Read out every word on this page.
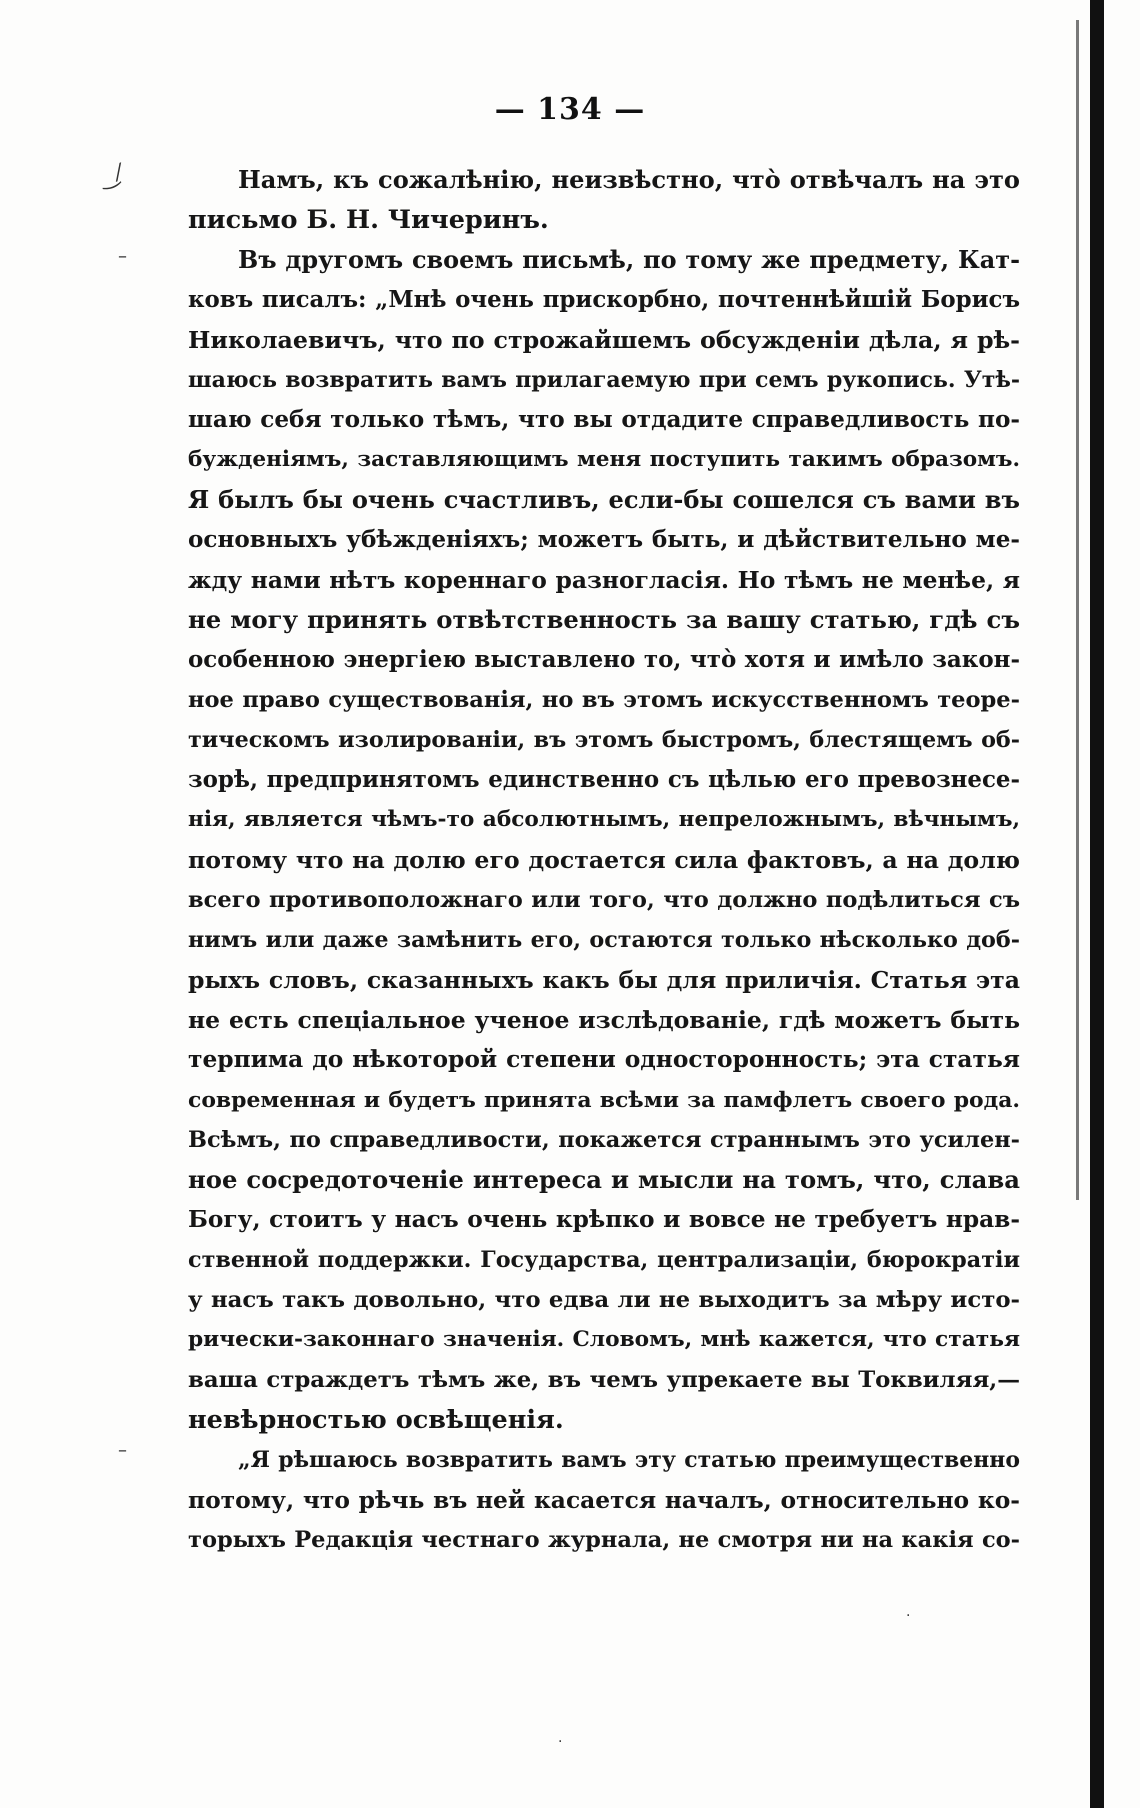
— 134 —
‿⁄
–
–
·
·

Намъ, къ сожалѣнію, неизвѣстно, что̀ отвѣчалъ на это
письмо Б. Н. Чичеринъ.

Въ другомъ своемъ письмѣ, по тому же предмету, Кат-
ковъ писалъ: „Мнѣ очень прискорбно, почтеннѣйшій Борисъ
Николаевичъ, что по строжайшемъ обсужденіи дѣла, я рѣ-
шаюсь возвратить вамъ прилагаемую при семъ рукопись. Утѣ-
шаю себя только тѣмъ, что вы отдадите справедливость по-
бужденіямъ, заставляющимъ меня поступить такимъ образомъ.
Я былъ бы очень счастливъ, если-бы сошелся съ вами въ
основныхъ убѣжденіяхъ; можетъ быть, и дѣйствительно ме-
жду нами нѣтъ кореннаго разногласія. Но тѣмъ не менѣе, я
не могу принять отвѣтственность за вашу статью, гдѣ съ
особенною энергіею выставлено то, что̀ хотя и имѣло закон-
ное право существованія, но въ этомъ искусственномъ теоре-
тическомъ изолированіи, въ этомъ быстромъ, блестящемъ об-
зорѣ, предпринятомъ единственно съ цѣлью его превознесе-
нія, является чѣмъ-то абсолютнымъ, непреложнымъ, вѣчнымъ,
потому что на долю его достается сила фактовъ, а на долю
всего противоположнаго или того, что должно подѣлиться съ
нимъ или даже замѣнить его, остаются только нѣсколько доб-
рыхъ словъ, сказанныхъ какъ бы для приличія. Статья эта
не есть спеціальное ученое изслѣдованіе, гдѣ можетъ быть
терпима до нѣкоторой степени односторонность; эта статья
современная и будетъ принята всѣми за памфлетъ своего рода.
Всѣмъ, по справедливости, покажется страннымъ это усилен-
ное сосредоточеніе интереса и мысли на томъ, что, слава
Богу, стоитъ у насъ очень крѣпко и вовсе не требуетъ нрав-
ственной поддержки. Государства, централизаціи, бюрократіи
у насъ такъ довольно, что едва ли не выходитъ за мѣру исто-
рически-законнаго значенія. Словомъ, мнѣ кажется, что статья
ваша страждетъ тѣмъ же, въ чемъ упрекаете вы Токвиляя,—
невѣрностью освѣщенія.

„Я рѣшаюсь возвратить вамъ эту статью преимущественно
потому, что рѣчь въ ней касается началъ, относительно ко-
торыхъ Редакція честнаго журнала, не смотря ни на какія со-
